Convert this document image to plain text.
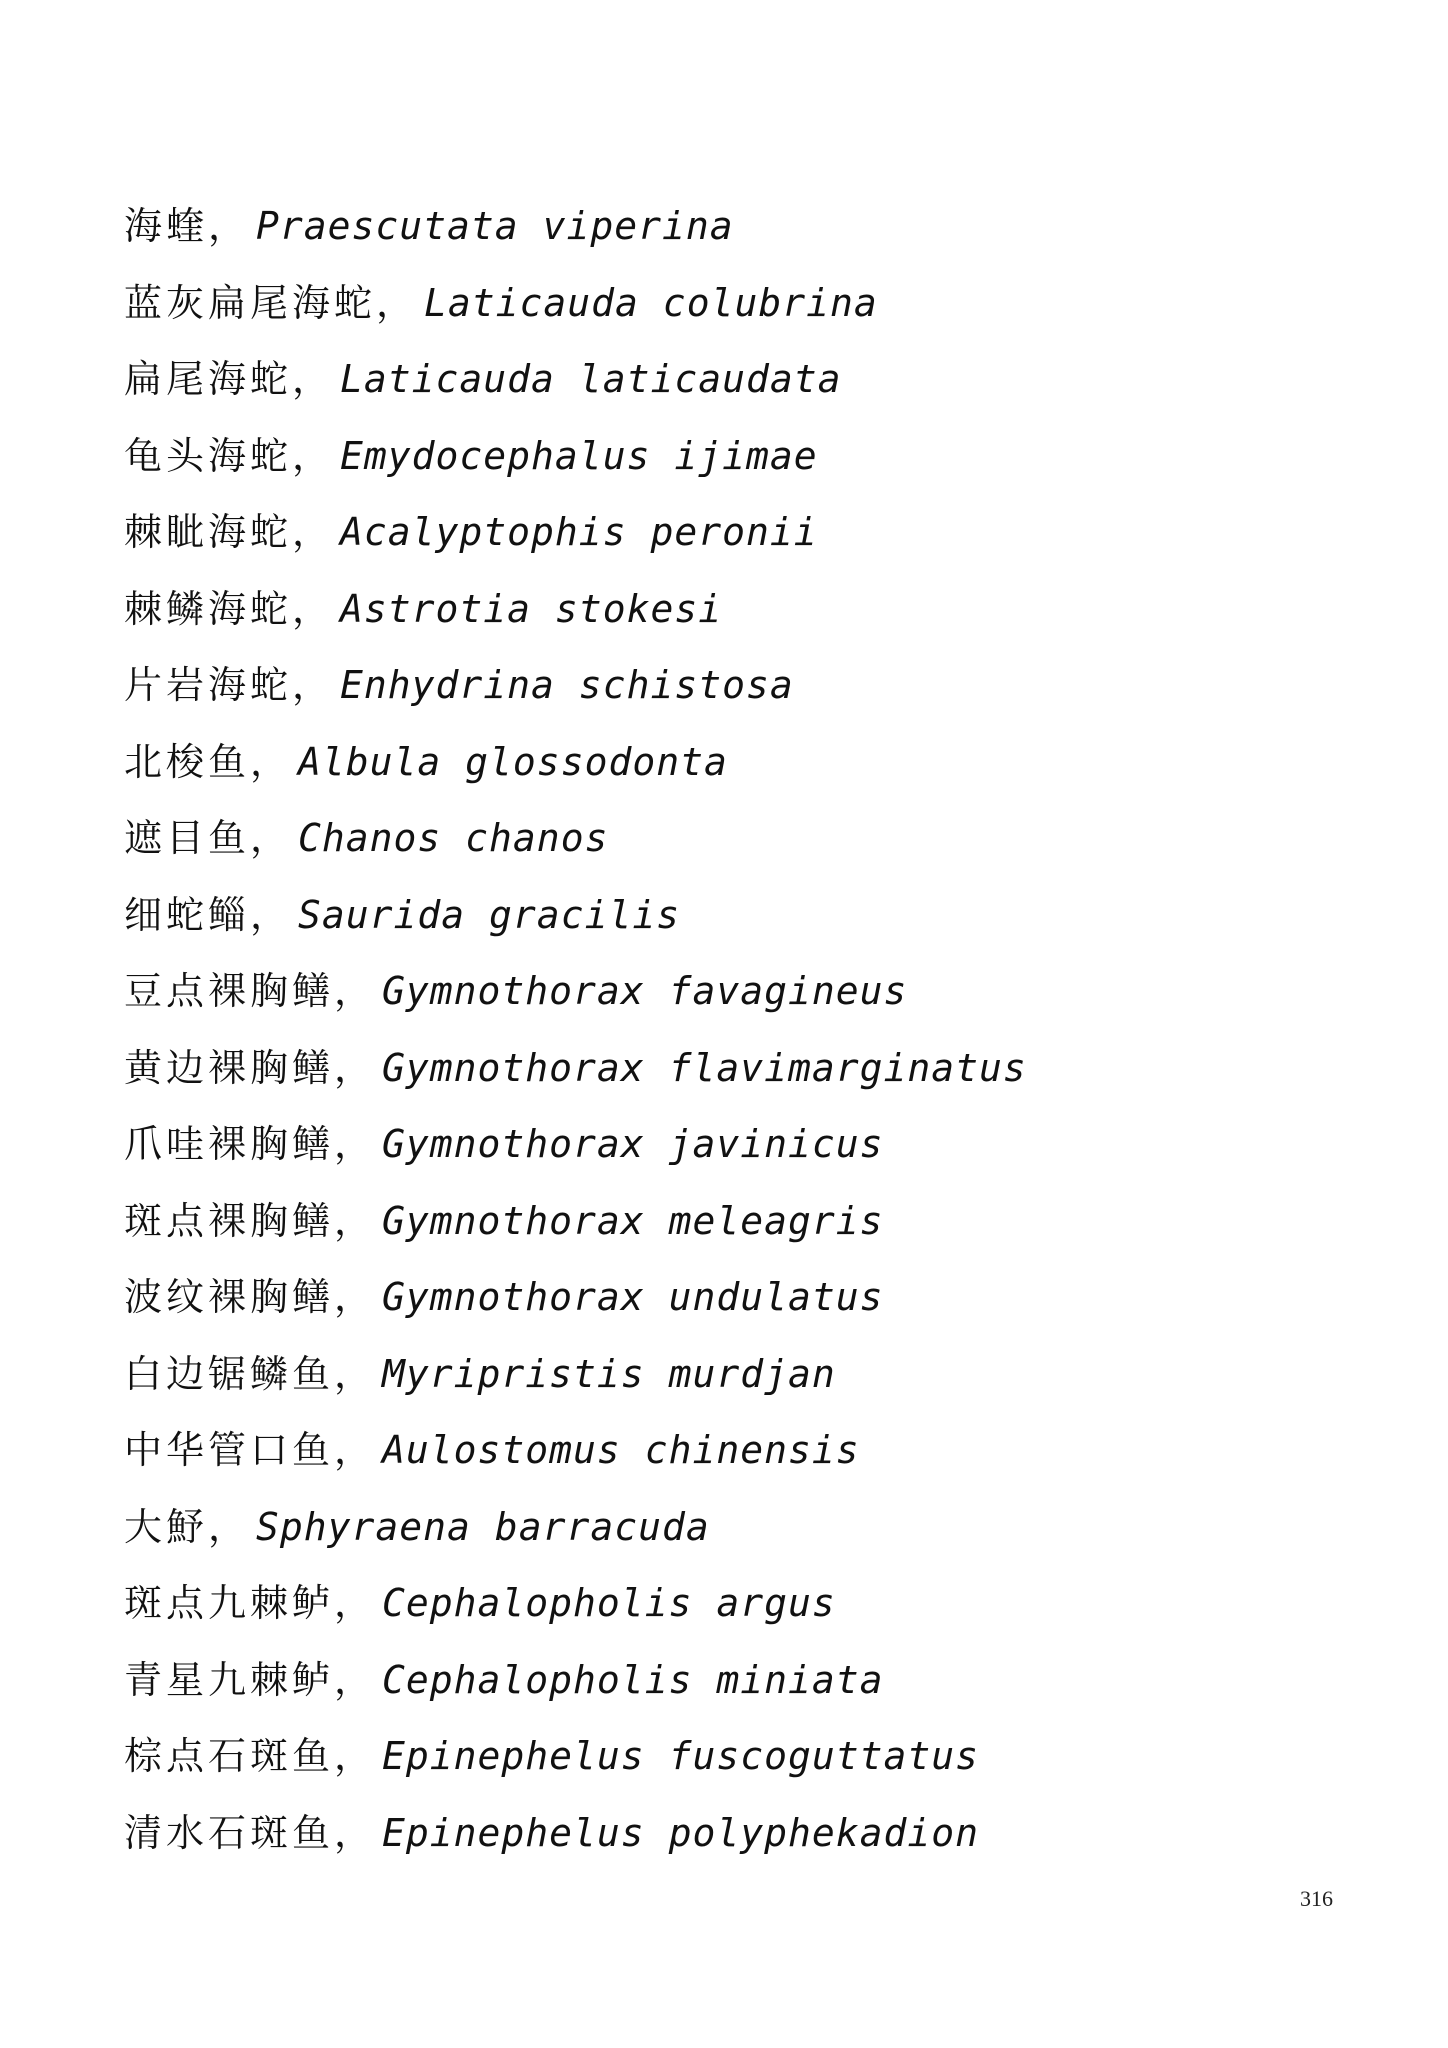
海蝰， Praescutata viperina
蓝灰扁尾海蛇， Laticauda colubrina
扁尾海蛇， Laticauda laticaudata
龟头海蛇， Emydocephalus ijimae
棘眦海蛇， Acalyptophis peronii
棘鳞海蛇， Astrotia stokesi
片岩海蛇， Enhydrina schistosa
北梭鱼， Albula glossodonta
遮目鱼， Chanos chanos
细蛇鲻， Saurida gracilis
豆点裸胸鳝， Gymnothorax favagineus
黄边裸胸鳝， Gymnothorax flavimarginatus
爪哇裸胸鳝， Gymnothorax javinicus
斑点裸胸鳝， Gymnothorax meleagris
波纹裸胸鳝， Gymnothorax undulatus
白边锯鳞鱼， Myripristis murdjan
中华管口鱼， Aulostomus chinensis
大魣， Sphyraena barracuda
斑点九棘鲈， Cephalopholis argus
青星九棘鲈， Cephalopholis miniata
棕点石斑鱼， Epinephelus fuscoguttatus
清水石斑鱼， Epinephelus polyphekadion
316
